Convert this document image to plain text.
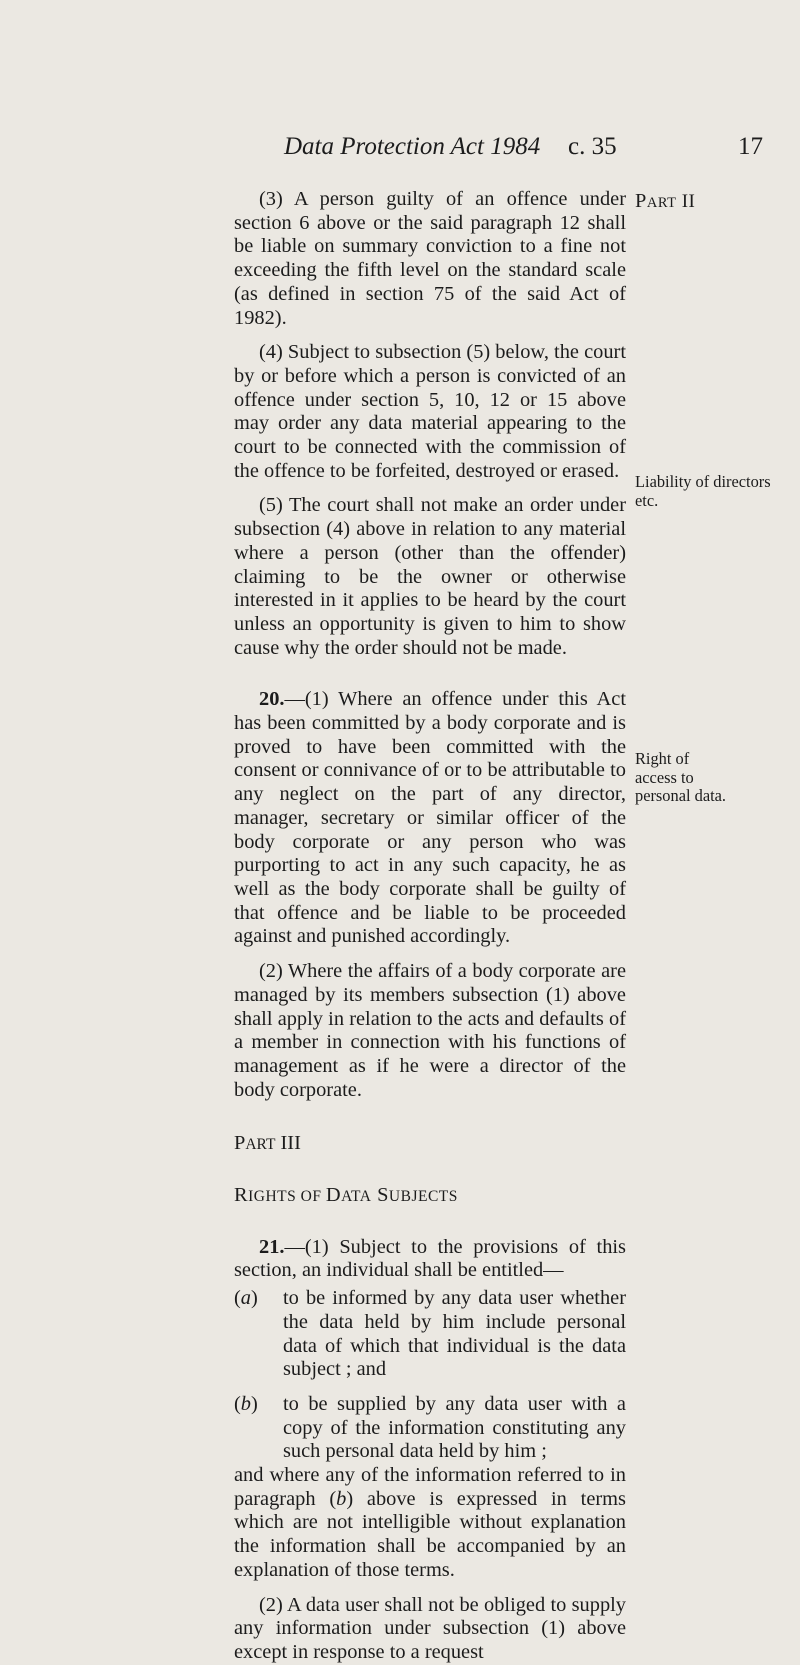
Data Protection Act 1984 c. 35	17
PART II
Liability of directors etc.
Right of
access to
personal data.

(3) A person guilty of an offence under section 6 above or the said paragraph 12 shall be liable on summary conviction to a fine not exceeding the fifth level on the standard scale (as defined in section 75 of the said Act of 1982).

(4) Subject to subsection (5) below, the court by or before which a person is convicted of an offence under section 5, 10, 12 or 15 above may order any data material appearing to the court to be connected with the commission of the offence to be forfeited, destroyed or erased.

(5) The court shall not make an order under subsection (4) above in relation to any material where a person (other than the offender) claiming to be the owner or otherwise interested in it applies to be heard by the court unless an opportunity is given to him to show cause why the order should not be made.

20.—(1) Where an offence under this Act has been committed by a body corporate and is proved to have been committed with the consent or connivance of or to be attributable to any neglect on the part of any director, manager, secretary or similar officer of the body corporate or any person who was purporting to act in any such capacity, he as well as the body corporate shall be guilty of that offence and be liable to be proceeded against and punished accordingly.

(2) Where the affairs of a body corporate are managed by its members subsection (1) above shall apply in relation to the acts and defaults of a member in connection with his functions of management as if he were a director of the body corporate.

PART III

RIGHTS OF DATA SUBJECTS

21.—(1) Subject to the provisions of this section, an individual shall be entitled—

(a) to be informed by any data user whether the data held by him include personal data of which that individual is the data subject ; and

(b) to be supplied by any data user with a copy of the information constituting any such personal data held by him ;

and where any of the information referred to in paragraph (b) above is expressed in terms which are not intelligible without explanation the information shall be accompanied by an explanation of those terms.

(2) A data user shall not be obliged to supply any information under subsection (1) above except in response to a request
